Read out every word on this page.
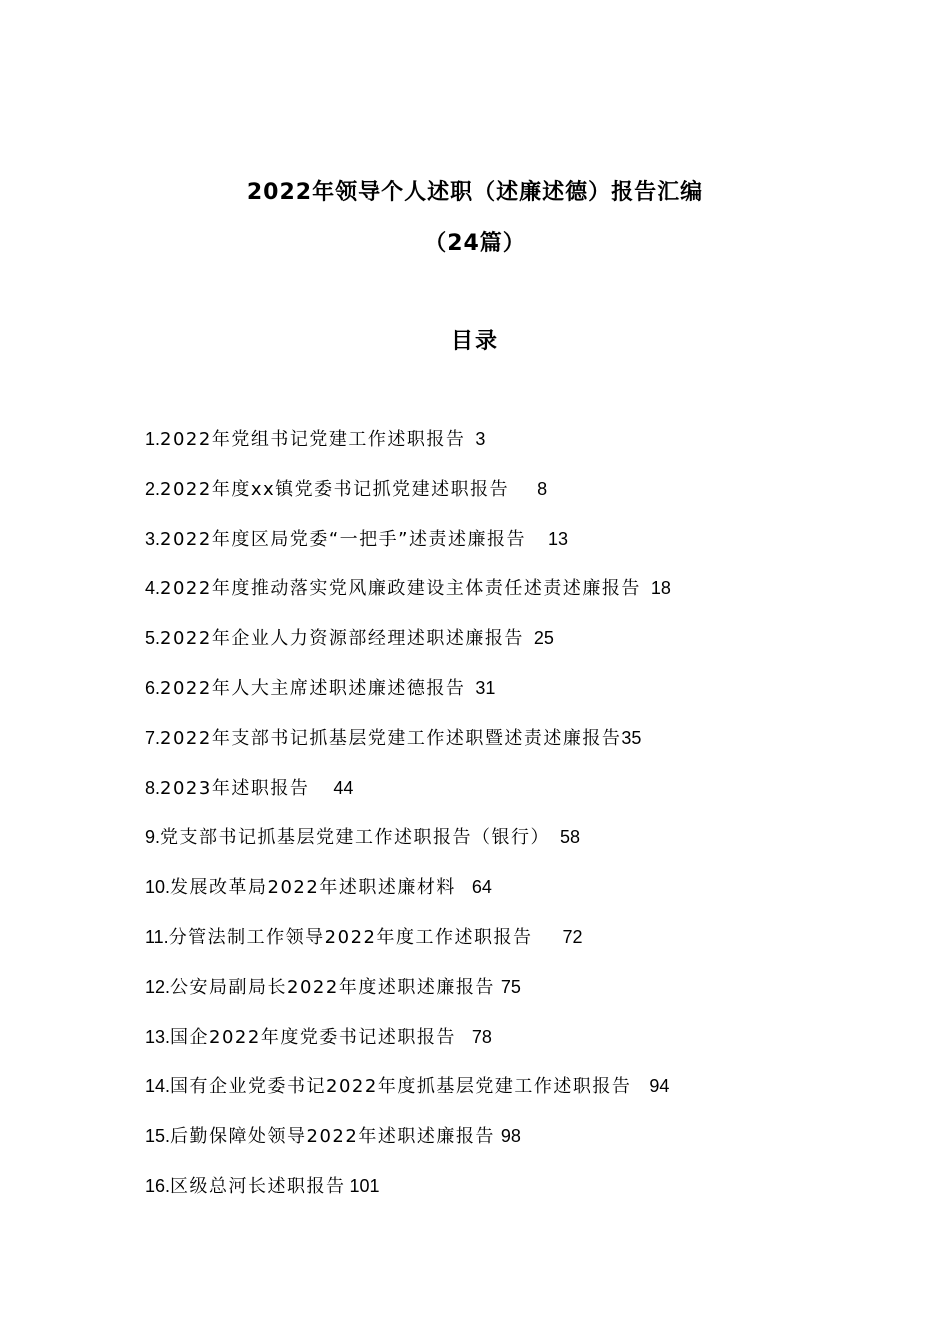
2022年领导个人述职（述廉述德）报告汇编
（24篇）
目录
1.2022年党组书记党建工作述职报告 3
2.2022年度xx镇党委书记抓党建述职报告 8
3.2022年度区局党委“一把手”述责述廉报告 13
4.2022年度推动落实党风廉政建设主体责任述责述廉报告 18
5.2022年企业人力资源部经理述职述廉报告 25
6.2022年人大主席述职述廉述德报告 31
7.2022年支部书记抓基层党建工作述职暨述责述廉报告35
8.2023年述职报告 44
9.党支部书记抓基层党建工作述职报告（银行） 58
10.发展改革局2022年述职述廉材料 64
11.分管法制工作领导2022年度工作述职报告 72
12.公安局副局长2022年度述职述廉报告 75
13.国企2022年度党委书记述职报告 78
14.国有企业党委书记2022年度抓基层党建工作述职报告 94
15.后勤保障处领导2022年述职述廉报告 98
16.区级总河长述职报告 101
